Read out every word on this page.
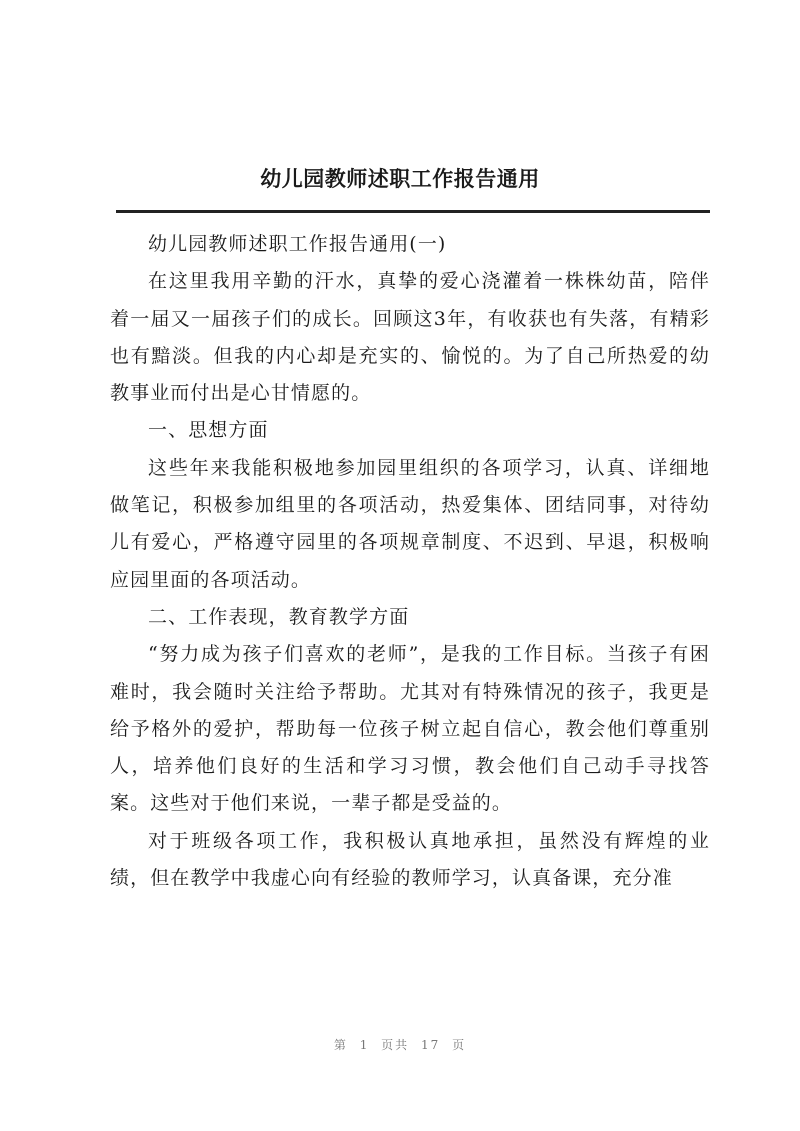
幼儿园教师述职工作报告通用

幼儿园教师述职工作报告通用(一)

在这里我用辛勤的汗水，真挚的爱心浇灌着一株株幼苗，陪伴着一届又一届孩子们的成长。回顾这3年，有收获也有失落，有精彩也有黯淡。但我的内心却是充实的、愉悦的。为了自己所热爱的幼教事业而付出是心甘情愿的。

一、思想方面

这些年来我能积极地参加园里组织的各项学习，认真、详细地做笔记，积极参加组里的各项活动，热爱集体、团结同事，对待幼儿有爱心，严格遵守园里的各项规章制度、不迟到、早退，积极响应园里面的各项活动。

二、工作表现，教育教学方面

“努力成为孩子们喜欢的老师”，是我的工作目标。当孩子有困难时，我会随时关注给予帮助。尤其对有特殊情况的孩子，我更是给予格外的爱护，帮助每一位孩子树立起自信心，教会他们尊重别人，培养他们良好的生活和学习习惯，教会他们自己动手寻找答案。这些对于他们来说，一辈子都是受益的。

对于班级各项工作，我积极认真地承担，虽然没有辉煌的业绩，但在教学中我虚心向有经验的教师学习，认真备课，充分准

第 1 页共 17 页
